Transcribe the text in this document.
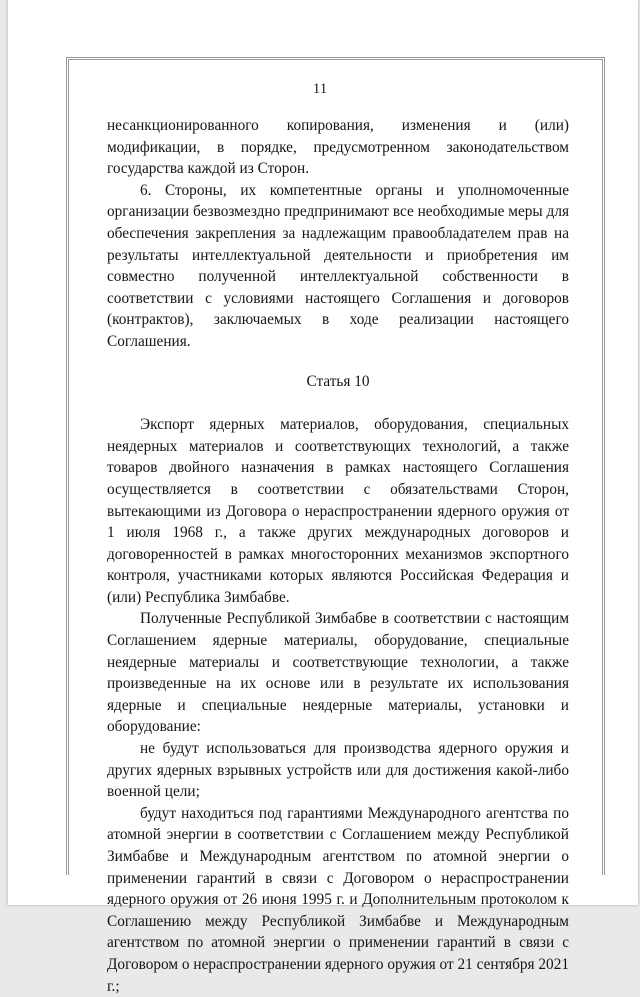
11

несанкционированного копирования, изменения и (или) модификации, в порядке, предусмотренном законодательством государства каждой из Сторон.

6. Стороны, их компетентные органы и уполномоченные организации безвозмездно предпринимают все необходимые меры для обеспечения закрепления за надлежащим правообладателем прав на результаты интеллектуальной деятельности и приобретения им совместно полученной интеллектуальной собственности в соответствии с условиями настоящего Соглашения и договоров (контрактов), заключаемых в ходе реализации настоящего Соглашения.

Статья 10

Экспорт ядерных материалов, оборудования, специальных неядерных материалов и соответствующих технологий, а также товаров двойного назначения в рамках настоящего Соглашения осуществляется в соответствии с обязательствами Сторон, вытекающими из Договора о нераспространении ядерного оружия от 1 июля 1968 г., а также других международных договоров и договоренностей в рамках многосторонних механизмов экспортного контроля, участниками которых являются Российская Федерация и (или) Республика Зимбабве.

Полученные Республикой Зимбабве в соответствии с настоящим Соглашением ядерные материалы, оборудование, специальные неядерные материалы и соответствующие технологии, а также произведенные на их основе или в результате их использования ядерные и специальные неядерные материалы, установки и оборудование:

не будут использоваться для производства ядерного оружия и других ядерных взрывных устройств или для достижения какой-либо военной цели;

будут находиться под гарантиями Международного агентства по атомной энергии в соответствии с Соглашением между Республикой Зимбабве и Международным агентством по атомной энергии о применении гарантий в связи с Договором о нераспространении ядерного оружия от 26 июня 1995 г. и Дополнительным протоколом к Соглашению между Республикой Зимбабве и Международным агентством по атомной энергии о применении гарантий в связи с Договором о нераспространении ядерного оружия от 21 сентября 2021 г.;
